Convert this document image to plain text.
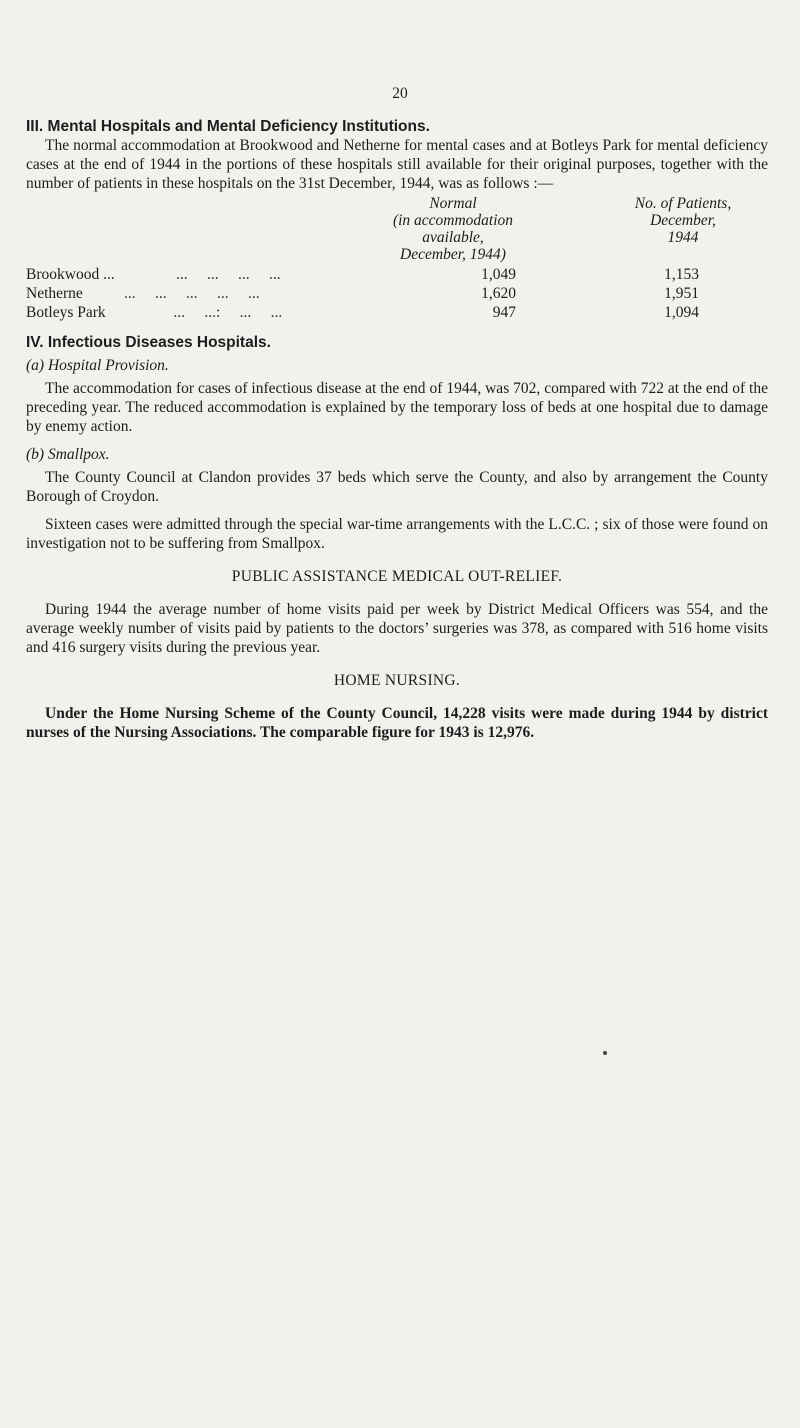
20
III. Mental Hospitals and Mental Deficiency Institutions.

The normal accommodation at Brookwood and Netherne for mental cases and at Botleys Park for mental deficiency cases at the end of 1944 in the portions of these hospitals still available for their original purposes, together with the number of patients in these hospitals on the 31st December, 1944, was as follows :—

Normal
(in accommodation
available,
December, 1944)
No. of Patients,
December,
1944
Brookwood ...	...     ...     ...     ...	1,049	1,153
Netherne	...     ...     ...     ...     ...	1,620	1,951
Botleys Park	...     ...:     ...     ...	947	1,094
IV. Infectious Diseases Hospitals.

(a) Hospital Provision.

The accommodation for cases of infectious disease at the end of 1944, was 702, compared with 722 at the end of the preceding year. The reduced accommodation is explained by the temporary loss of beds at one hospital due to damage by enemy action.

(b) Smallpox.

The County Council at Clandon provides 37 beds which serve the County, and also by arrangement the County Borough of Croydon.

Sixteen cases were admitted through the special war-time arrangements with the L.C.C. ; six of those were found on investigation not to be suffering from Smallpox.

PUBLIC ASSISTANCE MEDICAL OUT-RELIEF.

During 1944 the average number of home visits paid per week by District Medical Officers was 554, and the average weekly number of visits paid by patients to the doctors’ surgeries was 378, as compared with 516 home visits and 416 surgery visits during the previous year.

HOME NURSING.

Under the Home Nursing Scheme of the County Council, 14,228 visits were made during 1944 by district nurses of the Nursing Associations. The comparable figure for 1943 is 12,976.
